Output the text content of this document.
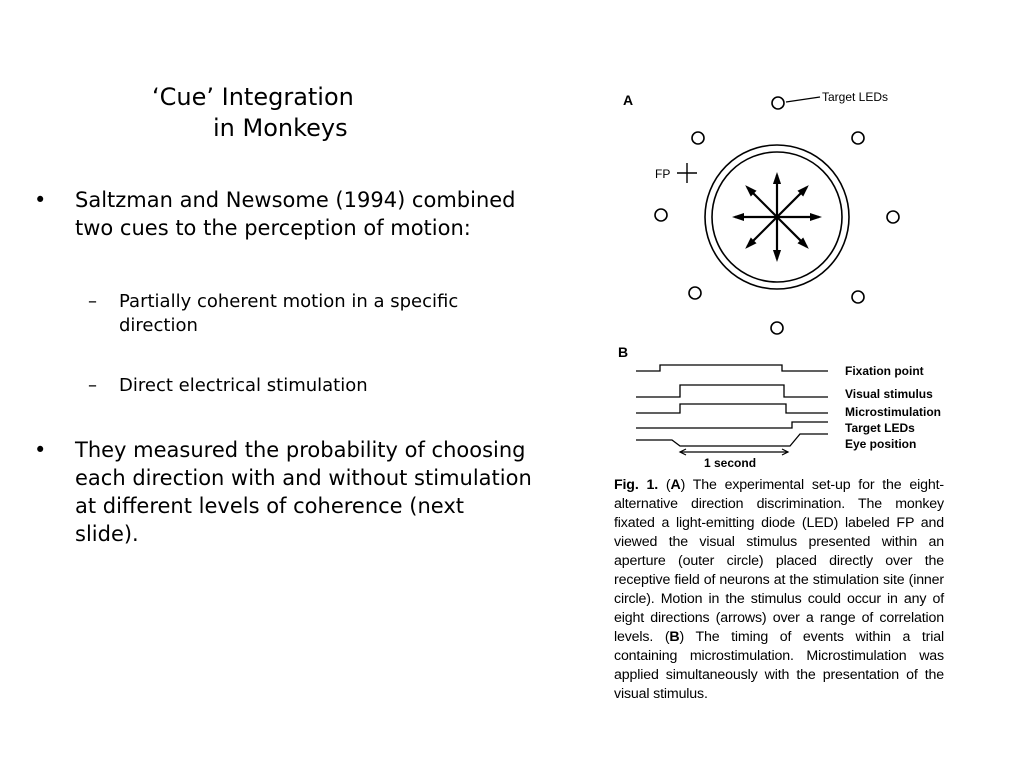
‘Cue’ Integration
in Monkeys
• Saltzman and Newsome (1994) combined two cues to the perception of motion:
– Partially coherent motion in a specific direction
– Direct electrical stimulation
• They measured the probability of choosing each direction with and without stimulation at different levels of coherence (next slide).
A	Target LEDs
FP
B
Fixation point
Visual stimulus
Microstimulation
Target LEDs
Eye position
1 second
Fig. 1. (A) The experimental set-up for the eight-alternative direction discrimination. The monkey fixated a light-emitting diode (LED) labeled FP and viewed the visual stimulus presented within an aperture (outer circle) placed directly over the receptive field of neurons at the stimulation site (inner circle). Motion in the stimulus could occur in any of eight directions (arrows) over a range of correlation levels. (B) The timing of events within a trial containing microstimulation. Microstimulation was applied simultaneously with the presentation of the visual stimulus.
